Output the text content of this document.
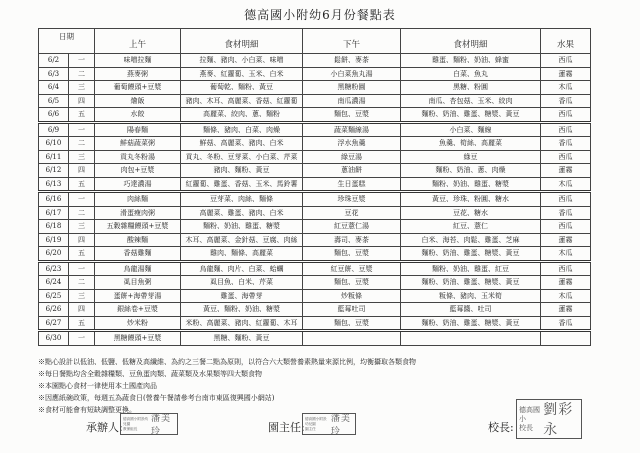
德高國小附幼6月份餐點表
日期		上午	食材明細	下午	食材明細	水果
6/2	一	味噌拉麵	拉麵、豬肉、小白菜、味噌	鬆餅、麥茶	雞蛋、麵粉、奶油、蜂蜜	西瓜
6/3	二	燕麥粥	燕麥、紅蘿蔔、玉米、白米	小白菜魚丸湯	白菜、魚丸	蓮霧
6/4	三	葡萄饅頭+豆漿	葡萄乾、麵粉、黃豆	黑糖粉圓	黑糖、粉圓	木瓜
6/5	四	燴飯	豬肉、木耳、高麗菜、香菇、紅蘿蔔	南瓜濃湯	南瓜、杏包菇、玉米、絞肉	香瓜
6/6	五	水餃	高麗菜、絞肉、蔥、麵粉	麵包、豆漿	麵粉、奶油、雞蛋、糖漿、黃豆	西瓜
6/9	一	陽春麵	麵條、豬肉、白菜、肉燥	蔬菜麵線湯	小白菜、麵線	西瓜
6/10	二	鮮菇蔬菜粥	鮮菇、高麗菜、豬肉、白米	浮水魚羹	魚羹、筍絲、高麗菜	香瓜
6/11	三	貢丸冬粉湯	貢丸、冬粉、豆芽菜、小白菜、芹菜	綠豆湯	綠豆	西瓜
6/12	四	肉包+豆漿	豬肉、麵粉、黃豆	蔥油餅	麵粉、奶油、蔥、肉燥	蓮霧
6/13	五	巧達濃湯	紅蘿蔔、雞蛋、香菇、玉米、馬鈴薯	生日蛋糕	麵粉、奶油、雞蛋、糖漿	木瓜
6/16	一	肉絲麵	豆芽菜、肉絲、麵條	珍珠豆漿	黃豆、珍珠、粉圓、糖水	西瓜
6/17	二	滑蛋瘦肉粥	高麗菜、雞蛋、豬肉、白米	豆花	豆花、糖水	香瓜
6/18	三	五穀雜糧饅頭+豆漿	麵粉、奶油、雞蛋、糖漿	紅豆薏仁湯	紅豆、薏仁	西瓜
6/19	四	酸辣麵	木耳、高麗菜、金針菇、豆腐、肉絲	壽司、麥茶	白米、海苔、肉鬆、雞蛋、芝麻	蓮霧
6/20	五	香菇雞麵	雞肉、麵條、高麗菜	麵包、豆漿	麵粉、奶油、雞蛋、糖漿、黃豆	木瓜
6/23	一	烏龍湯麵	烏龍麵、肉片、白菜、蛤蠣	紅豆餅、豆漿	麵粉、奶油、雞蛋、紅豆	西瓜
6/24	二	虱目魚粥	虱目魚、白米、芹菜	麵包、豆漿	麵粉、奶油、雞蛋、糖漿、黃豆	蓮霧
6/25	三	蛋餅+海帶芽湯	雞蛋、海帶芽	炒粄條	粄條、豬肉、玉米筍	木瓜
6/26	四	銀絲卷+豆漿	黃豆、麵粉、奶油、糖漿	藍莓吐司	藍莓醬、吐司	蓮霧
6/27	五	炒米粉	米粉、高麗菜、豬肉、紅蘿蔔、木耳	麵包、豆漿	麵粉、奶油、雞蛋、糖漿、黃豆	香瓜
6/30	一	黑糖饅頭+豆漿	黑糖、麵粉、黃豆			
※點心設計以低油、低鹽、低糖及高纖維、為約之三餐二點為原則，以符合六大類營養素熱量來源比例，均衡攝取各類食物
※每日餐點均含全穀雜糧類、豆魚蛋肉類、蔬菜類及水果類等四大類食物
※本園點心食材一律使用本土國產肉品
※因應紙碗政策，每週五為蔬食日(營養午餐請參考台南市東區復興國小網站)
※食材可能會有短缺調整更換。
承辦人:
德高國小附設幼兒園
教保組長
潘美玲	園主任:
德高國小附設幼兒園
園主任
潘美玲	校長:
德高國小
校長
劉彩永
